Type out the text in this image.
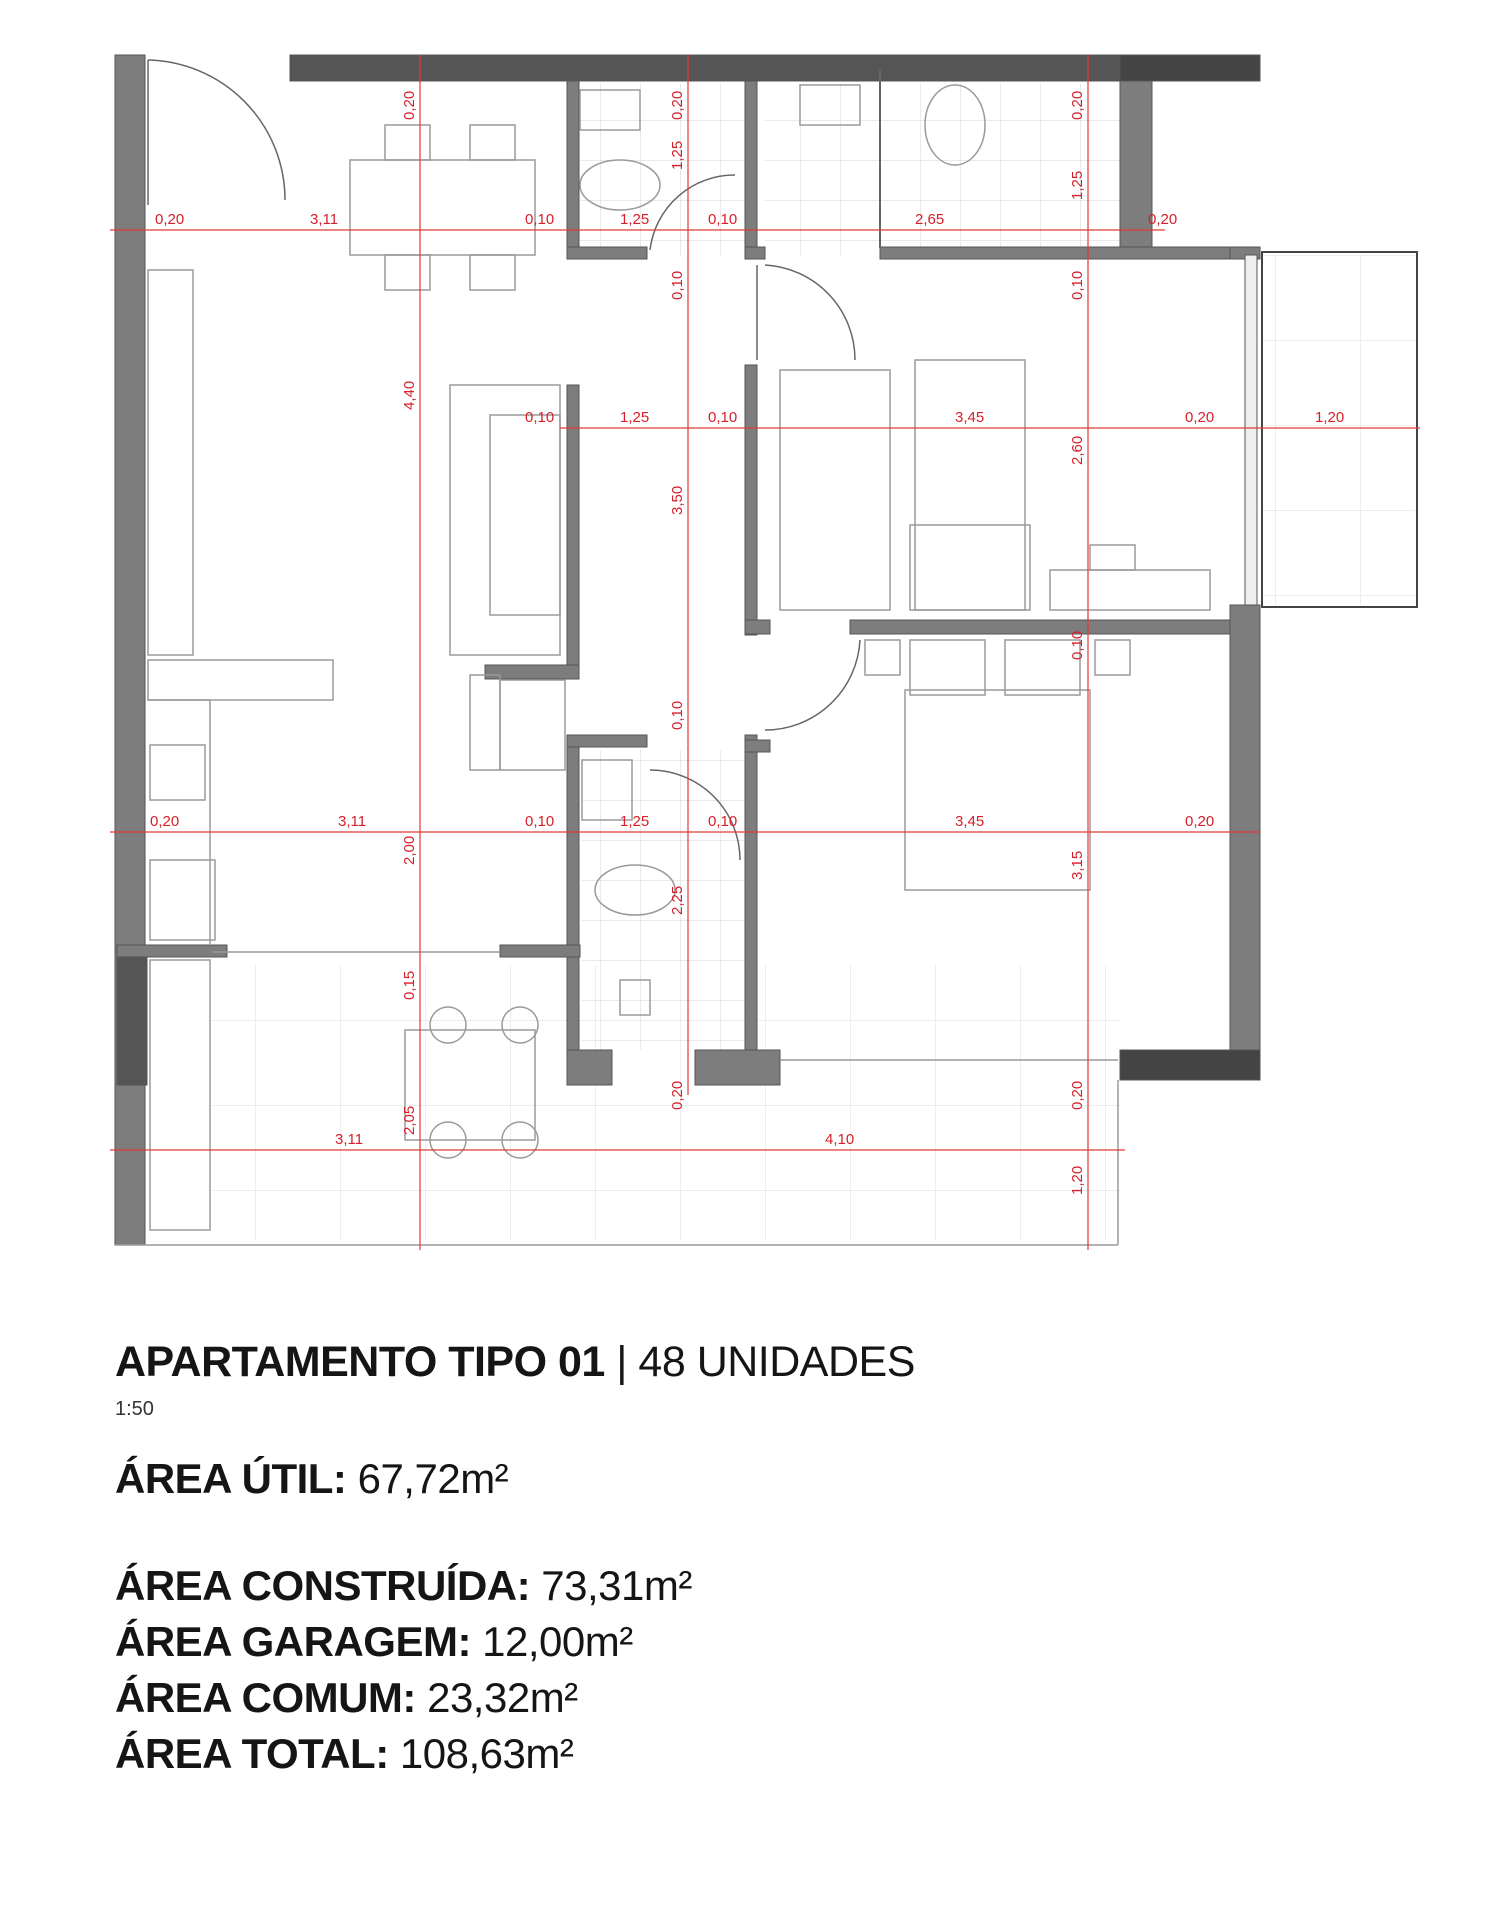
0,20	3,11	0,10	1,25	0,10	2,65	0,20
0,10	1,25	0,10	3,45	0,20	1,20
0,20	3,11	0,10	1,25	0,10	3,45	0,20
3,11	4,10
0,20
4,40
2,00
0,15
2,05
0,20
1,25
0,10
3,50
0,10
2,25
0,20
0,20
1,25
0,10
2,60
0,10
3,15
0,20
1,20
APARTAMENTO TIPO 01 | 48 UNIDADES
1:50
ÁREA ÚTIL: 67,72m²
ÁREA CONSTRUÍDA: 73,31m²
ÁREA GARAGEM: 12,00m²
ÁREA COMUM: 23,32m²
ÁREA TOTAL: 108,63m²
